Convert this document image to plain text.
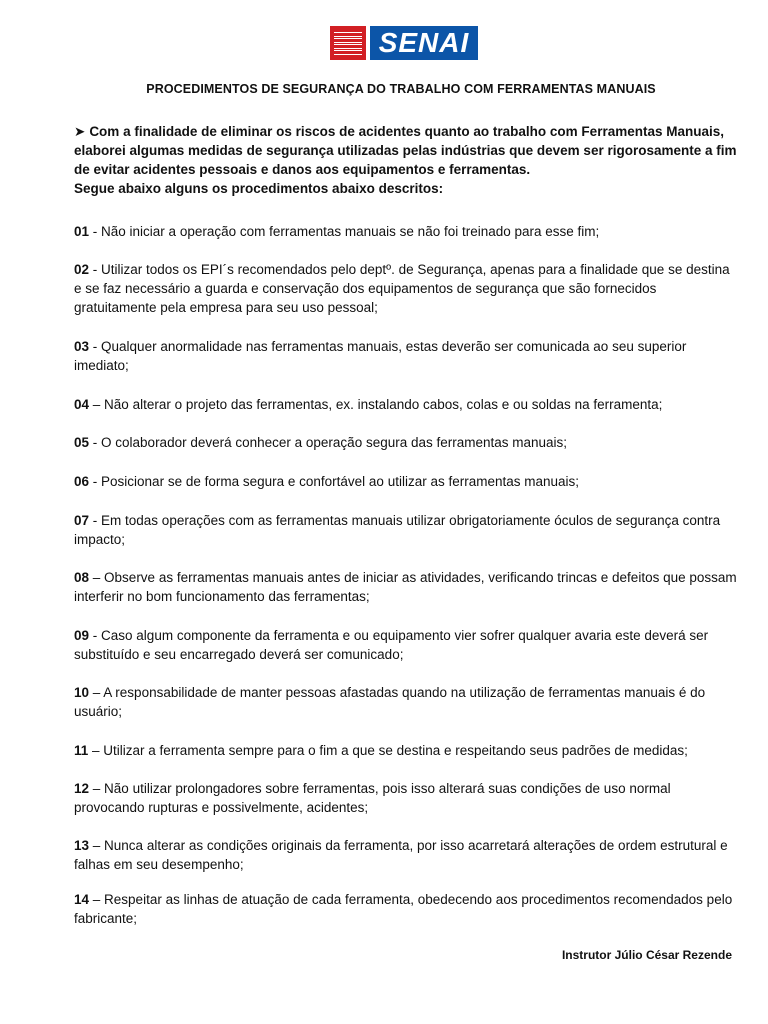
SENAI
PROCEDIMENTOS DE SEGURANÇA DO TRABALHO COM FERRAMENTAS MANUAIS
➤ Com a finalidade de eliminar os riscos de acidentes quanto ao trabalho com Ferramentas Manuais, elaborei algumas medidas de segurança utilizadas pelas indústrias que devem ser rigorosamente a fim de evitar acidentes pessoais e danos aos equipamentos e ferramentas.
Segue abaixo alguns os procedimentos abaixo descritos:
01 - Não iniciar a operação com ferramentas manuais se não foi treinado para esse fim;
02 - Utilizar todos os EPI´s recomendados pelo deptº. de Segurança, apenas para a finalidade que se destina e se faz necessário a guarda e conservação dos equipamentos de segurança que são fornecidos gratuitamente pela empresa para seu uso pessoal;
03 - Qualquer anormalidade nas ferramentas manuais, estas deverão ser comunicada ao seu superior imediato;
04 – Não alterar o projeto das ferramentas, ex. instalando cabos, colas e ou soldas na ferramenta;
05 - O colaborador deverá conhecer a operação segura das ferramentas manuais;
06 - Posicionar se de forma segura e confortável ao utilizar as ferramentas manuais;
07 - Em todas operações com as ferramentas manuais utilizar obrigatoriamente óculos de segurança contra impacto;
08 – Observe as ferramentas manuais antes de iniciar as atividades, verificando trincas e defeitos que possam interferir no bom funcionamento das ferramentas;
09 - Caso algum componente da ferramenta e ou equipamento vier sofrer qualquer avaria este deverá ser substituído e seu encarregado deverá ser comunicado;
10 – A responsabilidade de manter pessoas afastadas quando na utilização de ferramentas manuais é do usuário;
11 – Utilizar a ferramenta sempre para o fim a que se destina e respeitando seus padrões de medidas;
12 – Não utilizar prolongadores sobre ferramentas, pois isso alterará suas condições de uso normal provocando rupturas e possivelmente, acidentes;
13 – Nunca alterar as condições originais da ferramenta, por isso acarretará alterações de ordem estrutural e falhas em seu desempenho;
14 – Respeitar as linhas de atuação de cada ferramenta, obedecendo aos procedimentos recomendados pelo fabricante;
Instrutor Júlio César Rezende
